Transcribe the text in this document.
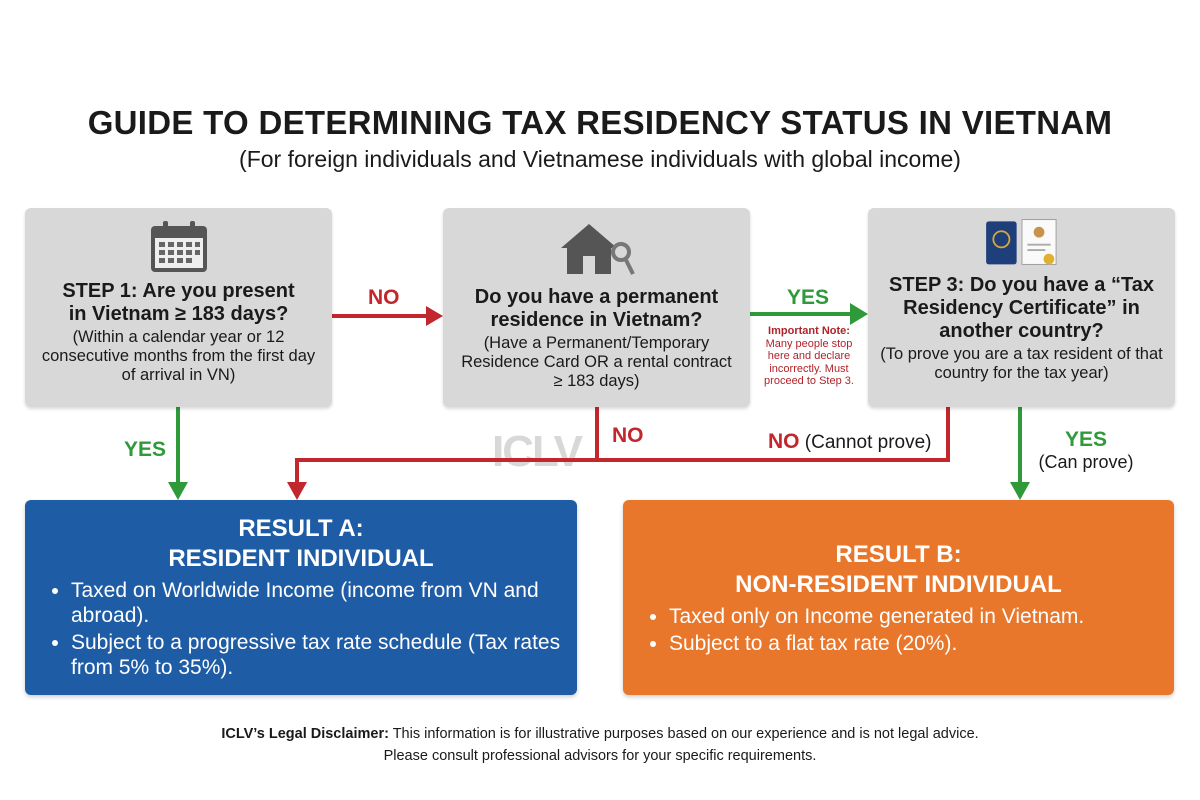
GUIDE TO DETERMINING TAX RESIDENCY STATUS IN VIETNAM
(For foreign individuals and Vietnamese individuals with global income)
ICLV
NO	YES
YES
NO	NO (Cannot prove)	YES
(Can prove)
Important Note:
Many people stop here and declare incorrectly. Must proceed to Step 3.
STEP 1: Are you present in Vietnam ≥ 183 days?
(Within a calendar year or 12 consecutive months from the first day of arrival in VN)
Do you have a permanent residence in Vietnam?
(Have a Permanent/Temporary Residence Card OR a rental contract ≥ 183 days)
STEP 3: Do you have a “Tax Residency Certificate” in another country?
(To prove you are a tax resident of that country for the tax year)
RESULT A:
RESIDENT INDIVIDUAL
• Taxed on Worldwide Income (income from VN and abroad).
• Subject to a progressive tax rate schedule (Tax rates from 5% to 35%).
RESULT B:
NON-RESIDENT INDIVIDUAL
• Taxed only on Income generated in Vietnam.
• Subject to a flat tax rate (20%).
ICLV’s Legal Disclaimer: This information is for illustrative purposes based on our experience and is not legal advice.
Please consult professional advisors for your specific requirements.
